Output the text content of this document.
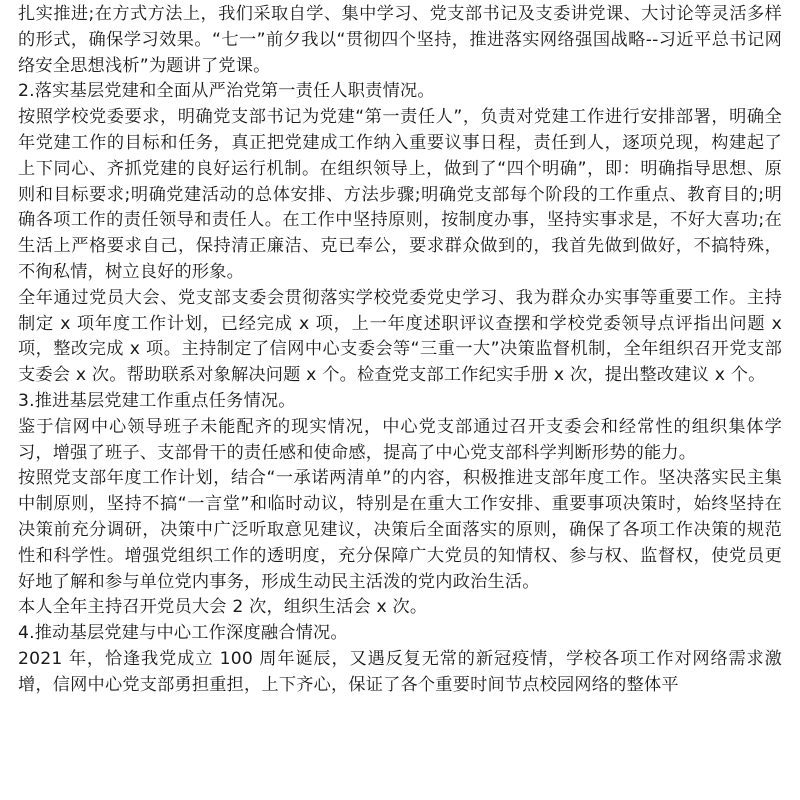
扎实推进;在方式方法上，我们采取自学、集中学习、党支部书记及支委讲党课、大讨论等灵活多样的形式，确保学习效果。“七一”前夕我以“贯彻四个坚持，推进落实网络强国战略--习近平总书记网络安全思想浅析”为题讲了党课。

2.落实基层党建和全面从严治党第一责任人职责情况。

按照学校党委要求，明确党支部书记为党建“第一责任人”，负责对党建工作进行安排部署，明确全年党建工作的目标和任务，真正把党建成工作纳入重要议事日程，责任到人，逐项兑现，构建起了上下同心、齐抓党建的良好运行机制。在组织领导上，做到了“四个明确”，即：明确指导思想、原则和目标要求;明确党建活动的总体安排、方法步骤;明确党支部每个阶段的工作重点、教育目的;明确各项工作的责任领导和责任人。在工作中坚持原则，按制度办事，坚持实事求是，不好大喜功;在生活上严格要求自己，保持清正廉洁、克已奉公，要求群众做到的，我首先做到做好，不搞特殊，不徇私情，树立良好的形象。

全年通过党员大会、党支部支委会贯彻落实学校党委党史学习、我为群众办实事等重要工作。主持制定 x 项年度工作计划，已经完成 x 项，上一年度述职评议查摆和学校党委领导点评指出问题 x 项，整改完成 x 项。主持制定了信网中心支委会等“三重一大”决策监督机制，全年组织召开党支部支委会 x 次。帮助联系对象解决问题 x 个。检查党支部工作纪实手册 x 次，提出整改建议 x 个。

3.推进基层党建工作重点任务情况。

鉴于信网中心领导班子未能配齐的现实情况，中心党支部通过召开支委会和经常性的组织集体学习，增强了班子、支部骨干的责任感和使命感，提高了中心党支部科学判断形势的能力。

按照党支部年度工作计划，结合“一承诺两清单”的内容，积极推进支部年度工作。坚决落实民主集中制原则，坚持不搞“一言堂”和临时动议，特别是在重大工作安排、重要事项决策时，始终坚持在决策前充分调研，决策中广泛听取意见建议，决策后全面落实的原则，确保了各项工作决策的规范性和科学性。增强党组织工作的透明度，充分保障广大党员的知情权、参与权、监督权，使党员更好地了解和参与单位党内事务，形成生动民主活泼的党内政治生活。

本人全年主持召开党员大会 2 次，组织生活会 x 次。

4.推动基层党建与中心工作深度融合情况。

2021 年，恰逢我党成立 100 周年诞辰，又遇反复无常的新冠疫情，学校各项工作对网络需求激增，信网中心党支部勇担重担，上下齐心，保证了各个重要时间节点校园网络的整体平
